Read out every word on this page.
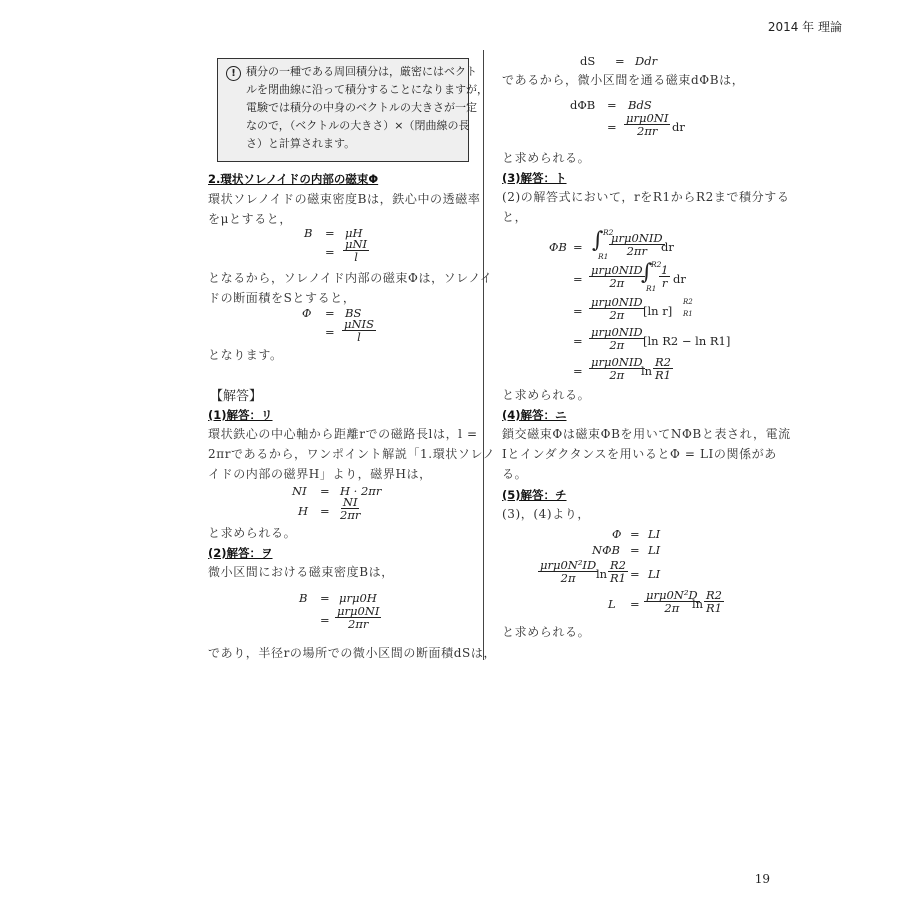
2014 年 理論
19
! 積分の一種である周回積分は，厳密にはベクト
ルを閉曲線に沿って積分することになりますが，
電験では積分の中身のベクトルの大きさが一定
なので，（ベクトルの大きさ）×（閉曲線の長
さ）と計算されます。
2.環状ソレノイドの内部の磁束Φ
環状ソレノイドの磁束密度Bは，鉄心中の透磁率
をμとすると，
B = μH
=
μNI
l
となるから，ソレノイド内部の磁束Φは，ソレノイ
ドの断面積をSとすると，
Φ = BS
=
μNIS
l
となります。
【解答】
(1)解答：リ
環状鉄心の中心軸から距離rでの磁路長lは，l =
2πrであるから，ワンポイント解説「1.環状ソレノ
イドの内部の磁界H」より，磁界Hは，
NI = H · 2πr
$H = \frac{NI}{2\pi r}$
と求められる。
(2)解答：ヲ
微小区間における磁束密度Bは，
B = μrμ0H
=
μrμ0NI
2πr
であり，半径rの場所での微小区間の断面積dSは，
dS = Ddr
であるから，微小区間を通る磁束dΦBは，
dΦB = BdS
=
μrμ0NI
2πr dr
と求められる。
(3)解答：ト
(2)の解答式において，rをR1からR2まで積分する
と，
ΦB = ∫ R2
R1
μrμ0NID
2πr dr
=
μrμ0NID
2π ∫
R2
$R1 \frac{1}{r}$ dr
=
μrμ0NID
2π [ln r]
R2
R1
=
μrμ0NID
2π [ln R2 − ln R1]
=
μrμ0NID
2π $\ln \frac{R2}{R1}$
と求められる。
(4)解答：ニ
鎖交磁束Φは磁束ΦBを用いてNΦBと表され，電流
Iとインダクタンスを用いるとΦ = LIの関係があ
る。
(5)解答：チ
(3)，(4)より，
Φ = LI
NΦB = LI
μrμ0N²ID
2π $\ln \frac{R2}{R1}$ = LI
L =
μrμ0N²D
2π $\ln \frac{R2}{R1}$
と求められる。
